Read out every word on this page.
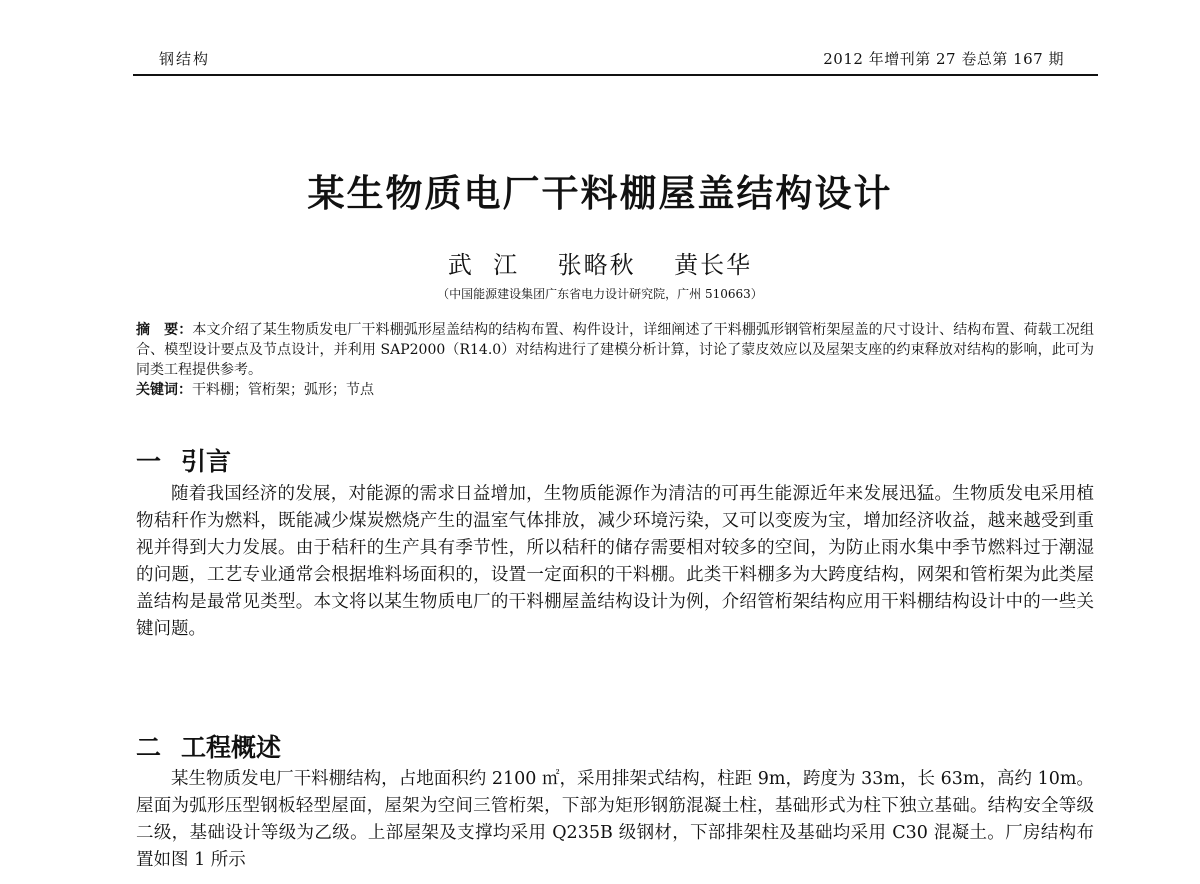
钢结构	2012 年增刊第 27 卷总第 167 期
某生物质电厂干料棚屋盖结构设计
武  江    张略秋    黄长华
（中国能源建设集团广东省电力设计研究院，广州 510663）

摘　要：本文介绍了某生物质发电厂干料棚弧形屋盖结构的结构布置、构件设计，详细阐述了干料棚弧形钢管桁架屋盖的尺寸设计、结构布置、荷载工况组合、模型设计要点及节点设计，并利用 SAP2000（R14.0）对结构进行了建模分析计算，讨论了蒙皮效应以及屋架支座的约束释放对结构的影响，此可为同类工程提供参考。

关键词：干料棚；管桁架；弧形；节点

一 引言

随着我国经济的发展，对能源的需求日益增加，生物质能源作为清洁的可再生能源近年来发展迅猛。生物质发电采用植物秸秆作为燃料，既能减少煤炭燃烧产生的温室气体排放，减少环境污染，又可以变废为宝，增加经济收益，越来越受到重视并得到大力发展。由于秸秆的生产具有季节性，所以秸秆的储存需要相对较多的空间，为防止雨水集中季节燃料过于潮湿的问题，工艺专业通常会根据堆料场面积的，设置一定面积的干料棚。此类干料棚多为大跨度结构，网架和管桁架为此类屋盖结构是最常见类型。本文将以某生物质电厂的干料棚屋盖结构设计为例，介绍管桁架结构应用干料棚结构设计中的一些关键问题。

二 工程概述

某生物质发电厂干料棚结构，占地面积约 2100 ㎡，采用排架式结构，柱距 9m，跨度为 33m，长 63m，高约 10m。屋面为弧形压型钢板轻型屋面，屋架为空间三管桁架，下部为矩形钢筋混凝土柱，基础形式为柱下独立基础。结构安全等级二级，基础设计等级为乙级。上部屋架及支撑均采用 Q235B 级钢材，下部排架柱及基础均采用 C30 混凝土。厂房结构布置如图 1 所示
